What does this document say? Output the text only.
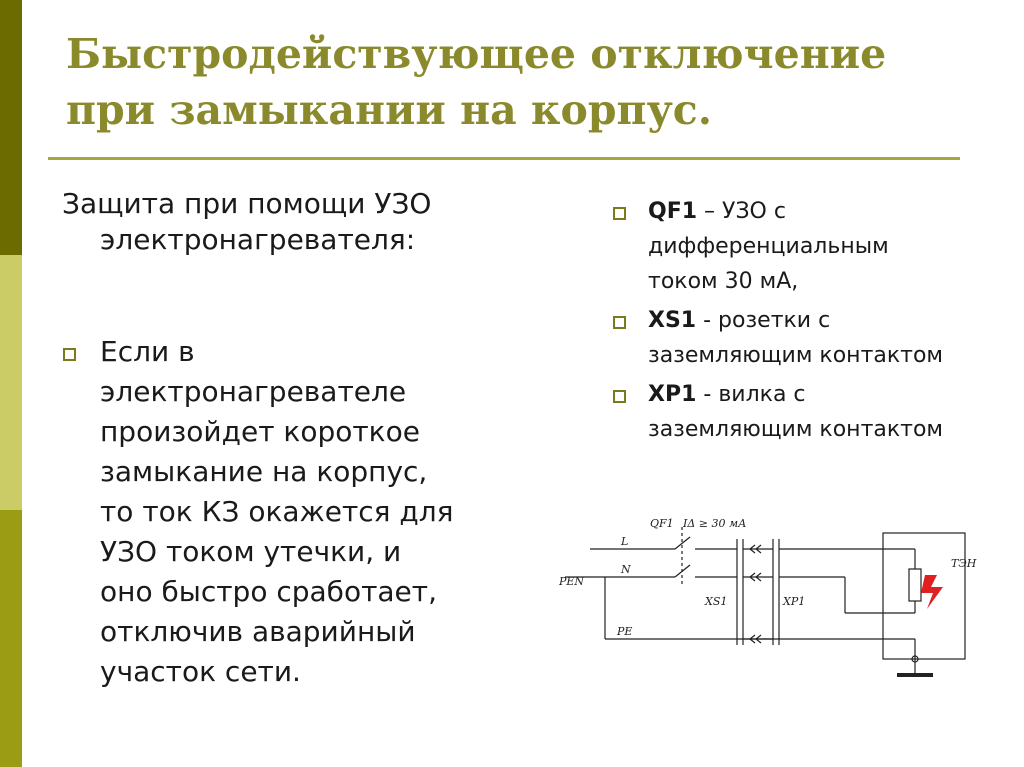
Быстродействующее отключение
при замыкании на корпус.
Защита при помощи УЗО
электронагревателя:
Если в
электронагревателе
произойдет короткое
замыкание на корпус,
то ток КЗ окажется для
УЗО током утечки, и
оно быстро сработает,
отключив аварийный
участок сети.
QF1 – УЗО с
дифференциальным
током 30 мА,
XS1 - розетки с
заземляющим контактом
XP1 - вилка с
заземляющим контактом
QF1 IΔ ≥ 30 мА
L
N
PEN
PE
XS1	XP1
ТЭН
